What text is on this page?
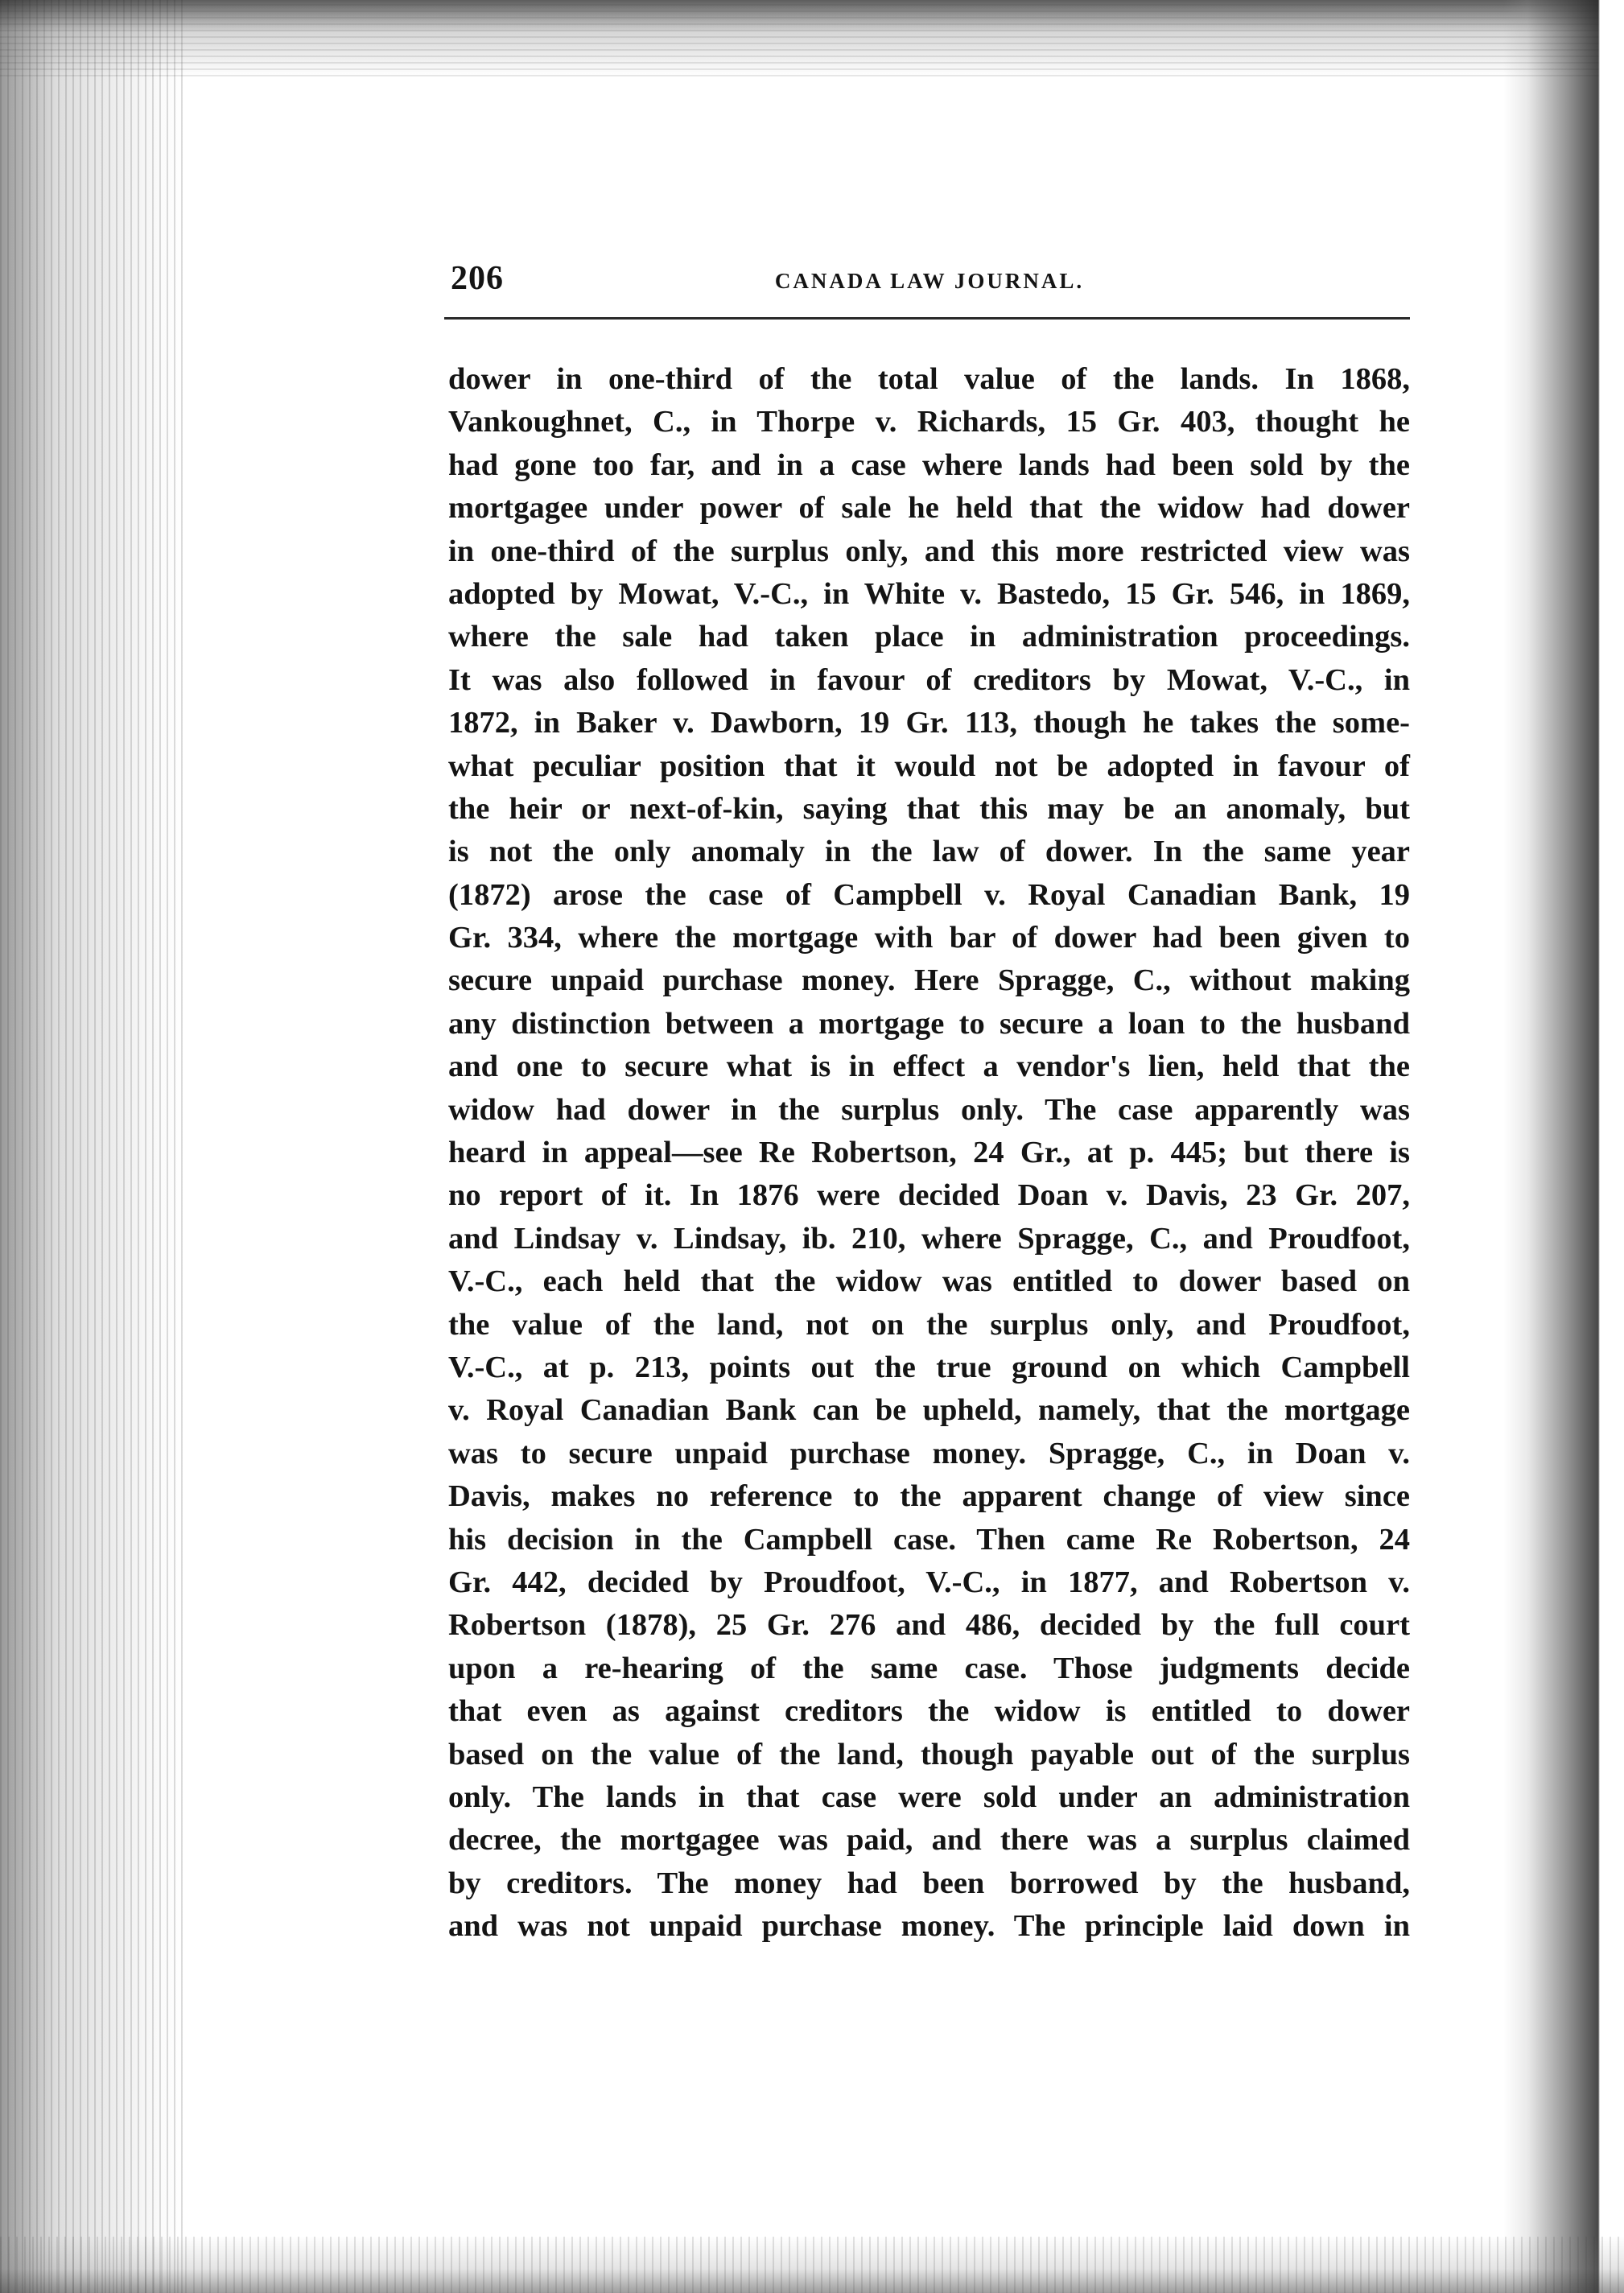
206	CANADA LAW JOURNAL.
dower in one-third of the total value of the lands. In 1868,
Vankoughnet, C., in Thorpe v. Richards, 15 Gr. 403, thought he
had gone too far, and in a case where lands had been sold by the
mortgagee under power of sale he held that the widow had dower
in one-third of the surplus only, and this more restricted view was
adopted by Mowat, V.-C., in White v. Bastedo, 15 Gr. 546, in 1869,
where the sale had taken place in administration proceedings.
It was also followed in favour of creditors by Mowat, V.-C., in
1872, in Baker v. Dawborn, 19 Gr. 113, though he takes the some-
what peculiar position that it would not be adopted in favour of
the heir or next-of-kin, saying that this may be an anomaly, but
is not the only anomaly in the law of dower. In the same year
(1872) arose the case of Campbell v. Royal Canadian Bank, 19
Gr. 334, where the mortgage with bar of dower had been given to
secure unpaid purchase money. Here Spragge, C., without making
any distinction between a mortgage to secure a loan to the husband
and one to secure what is in effect a vendor's lien, held that the
widow had dower in the surplus only. The case apparently was
heard in appeal—see Re Robertson, 24 Gr., at p. 445; but there is
no report of it. In 1876 were decided Doan v. Davis, 23 Gr. 207,
and Lindsay v. Lindsay, ib. 210, where Spragge, C., and Proudfoot,
V.-C., each held that the widow was entitled to dower based on
the value of the land, not on the surplus only, and Proudfoot,
V.-C., at p. 213, points out the true ground on which Campbell
v. Royal Canadian Bank can be upheld, namely, that the mortgage
was to secure unpaid purchase money. Spragge, C., in Doan v.
Davis, makes no reference to the apparent change of view since
his decision in the Campbell case. Then came Re Robertson, 24
Gr. 442, decided by Proudfoot, V.-C., in 1877, and Robertson v.
Robertson (1878), 25 Gr. 276 and 486, decided by the full court
upon a re-hearing of the same case. Those judgments decide
that even as against creditors the widow is entitled to dower
based on the value of the land, though payable out of the surplus
only. The lands in that case were sold under an administration
decree, the mortgagee was paid, and there was a surplus claimed
by creditors. The money had been borrowed by the husband,
and was not unpaid purchase money. The principle laid down in
